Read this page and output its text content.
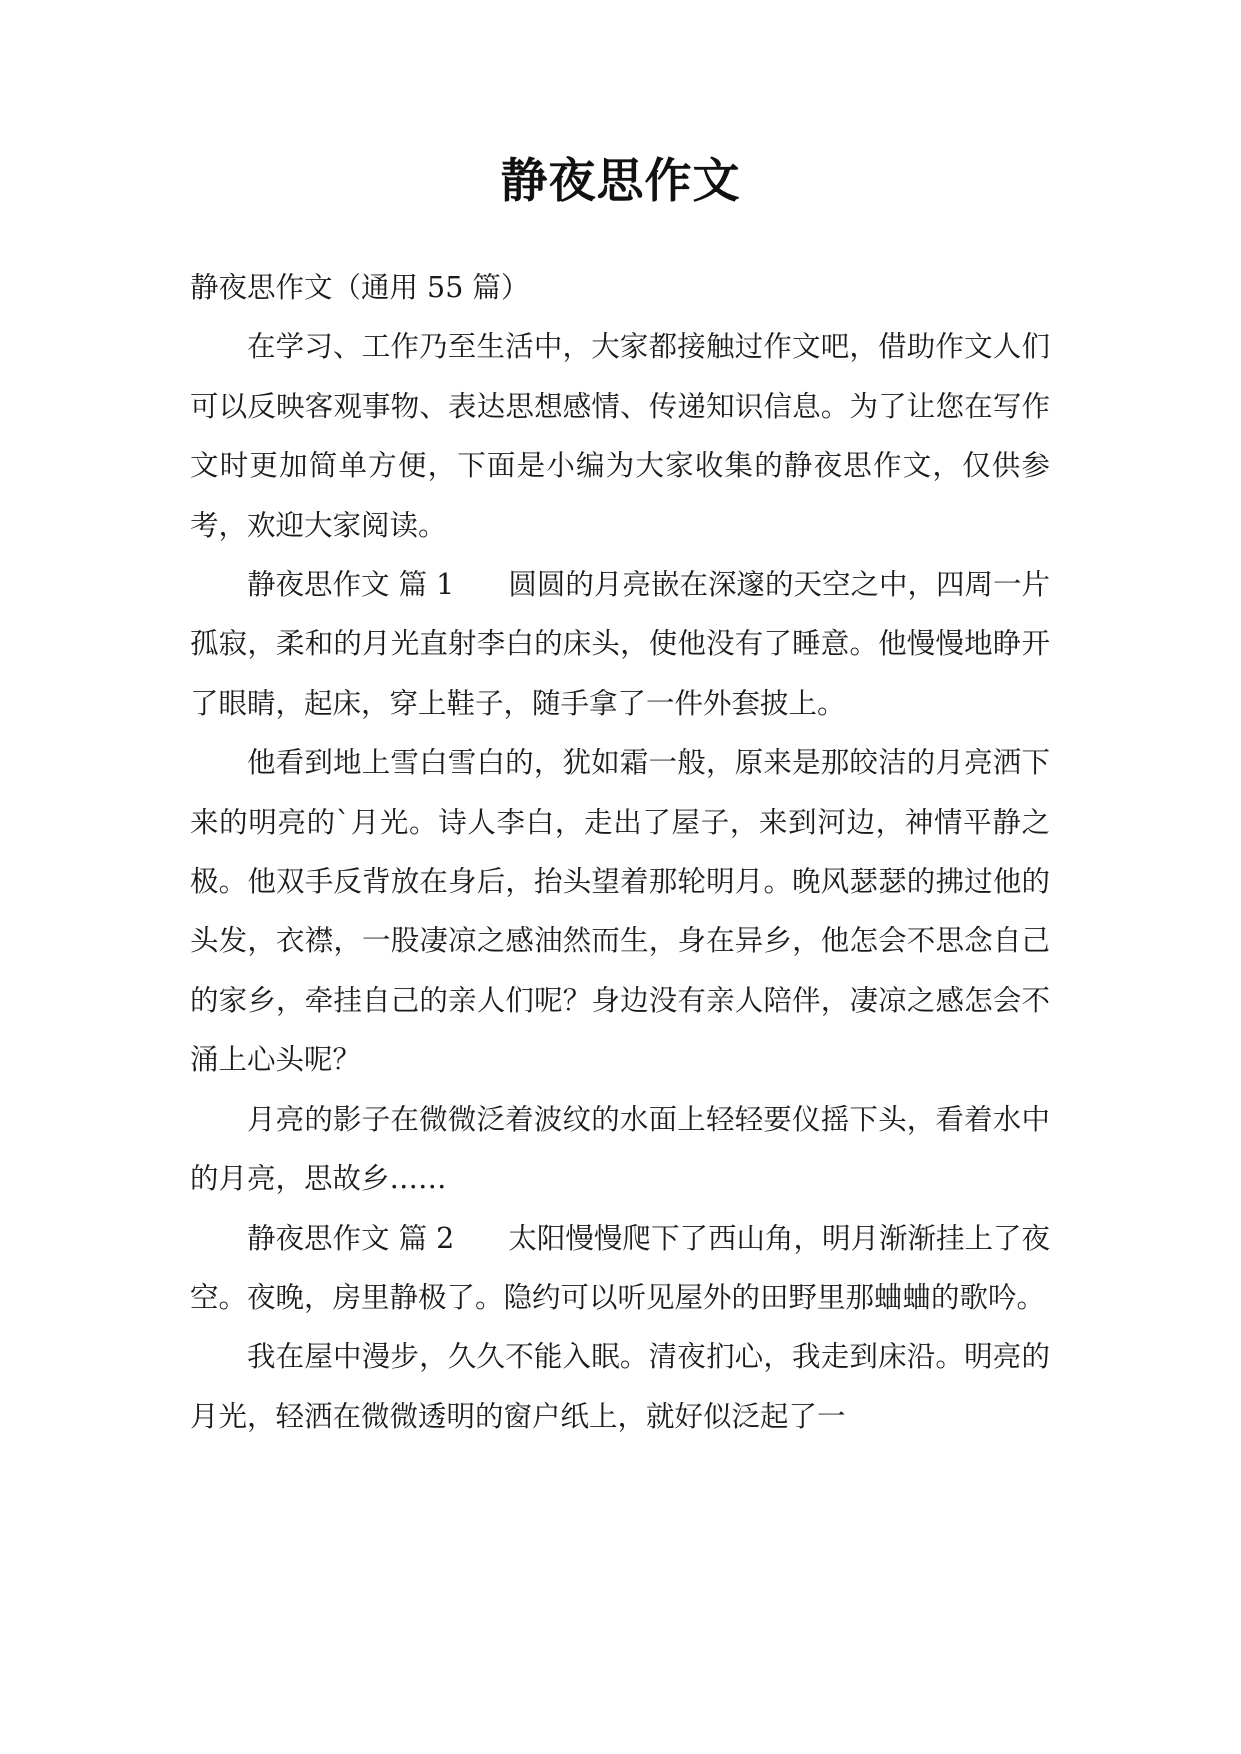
静夜思作文

静夜思作文（通用 55 篇）

在学习、工作乃至生活中，大家都接触过作文吧，借助作文人们可以反映客观事物、表达思想感情、传递知识信息。为了让您在写作文时更加简单方便，下面是小编为大家收集的静夜思作文，仅供参考，欢迎大家阅读。

静夜思作文 篇 1 圆圆的月亮嵌在深邃的天空之中，四周一片孤寂，柔和的月光直射李白的床头，使他没有了睡意。他慢慢地睁开了眼睛，起床，穿上鞋子，随手拿了一件外套披上。

他看到地上雪白雪白的，犹如霜一般，原来是那皎洁的月亮洒下来的明亮的`月光。诗人李白，走出了屋子，来到河边，神情平静之极。他双手反背放在身后，抬头望着那轮明月。晚风瑟瑟的拂过他的头发，衣襟，一股凄凉之感油然而生，身在异乡，他怎会不思念自己的家乡，牵挂自己的亲人们呢？身边没有亲人陪伴，凄凉之感怎会不涌上心头呢？

月亮的影子在微微泛着波纹的水面上轻轻要仪摇下头，看着水中的月亮，思故乡……

静夜思作文 篇 2 太阳慢慢爬下了西山角，明月渐渐挂上了夜空。夜晚，房里静极了。隐约可以听见屋外的田野里那蛐蛐的歌吟。

我在屋中漫步，久久不能入眠。清夜扪心，我走到床沿。明亮的月光，轻洒在微微透明的窗户纸上，就好似泛起了一
